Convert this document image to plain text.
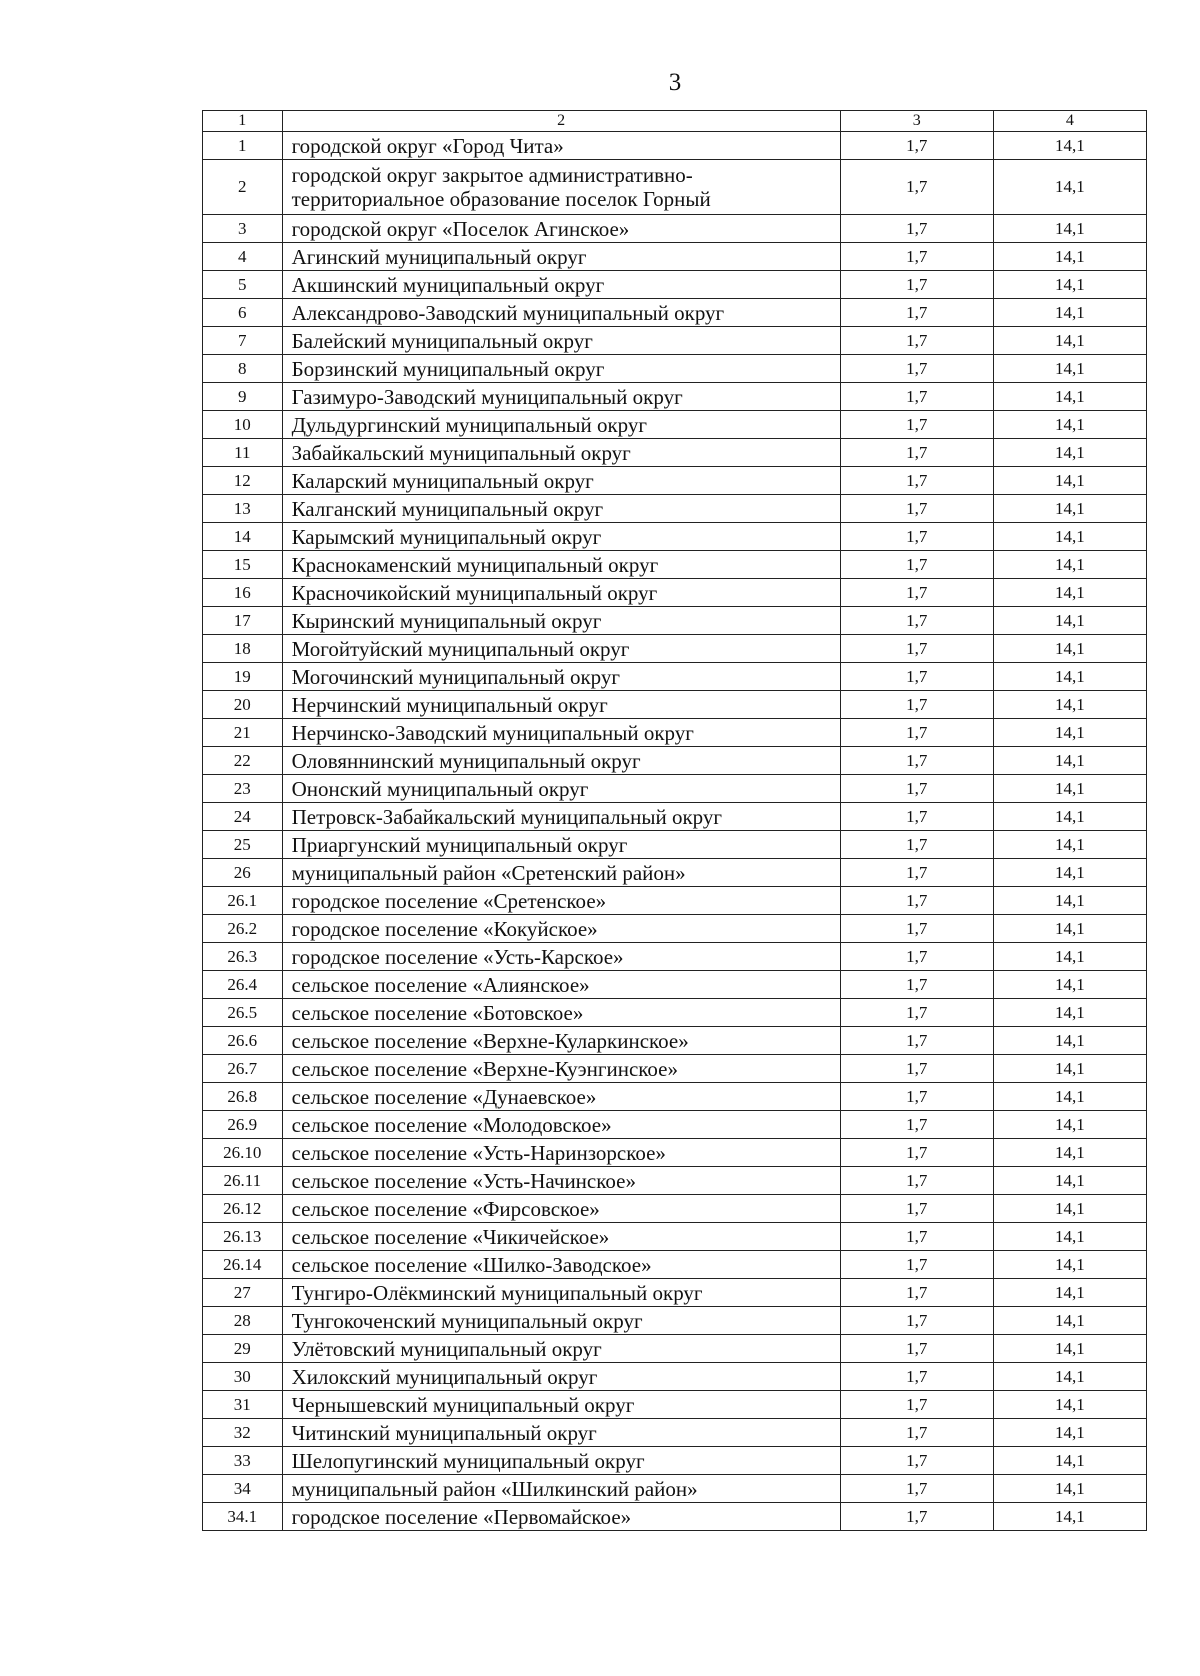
3
1	2	3	4
1	городской округ «Город Чита»	1,7	14,1
2	городской округ закрытое административно-территориальное образование поселок Горный	1,7	14,1
3	городской округ «Поселок Агинское»	1,7	14,1
4	Агинский муниципальный округ	1,7	14,1
5	Акшинский муниципальный округ	1,7	14,1
6	Александрово-Заводский муниципальный округ	1,7	14,1
7	Балейский муниципальный округ	1,7	14,1
8	Борзинский муниципальный округ	1,7	14,1
9	Газимуро-Заводский муниципальный округ	1,7	14,1
10	Дульдургинский муниципальный округ	1,7	14,1
11	Забайкальский муниципальный округ	1,7	14,1
12	Каларский муниципальный округ	1,7	14,1
13	Калганский муниципальный округ	1,7	14,1
14	Карымский муниципальный округ	1,7	14,1
15	Краснокаменский муниципальный округ	1,7	14,1
16	Красночикойский муниципальный округ	1,7	14,1
17	Кыринский муниципальный округ	1,7	14,1
18	Могойтуйский муниципальный округ	1,7	14,1
19	Могочинский муниципальный округ	1,7	14,1
20	Нерчинский муниципальный округ	1,7	14,1
21	Нерчинско-Заводский муниципальный округ	1,7	14,1
22	Оловяннинский муниципальный округ	1,7	14,1
23	Ононский муниципальный округ	1,7	14,1
24	Петровск-Забайкальский муниципальный округ	1,7	14,1
25	Приаргунский муниципальный округ	1,7	14,1
26	муниципальный район «Сретенский район»	1,7	14,1
26.1	городское поселение «Сретенское»	1,7	14,1
26.2	городское поселение «Кокуйское»	1,7	14,1
26.3	городское поселение «Усть-Карское»	1,7	14,1
26.4	сельское поселение «Алиянское»	1,7	14,1
26.5	сельское поселение «Ботовское»	1,7	14,1
26.6	сельское поселение «Верхне-Куларкинское»	1,7	14,1
26.7	сельское поселение «Верхне-Куэнгинское»	1,7	14,1
26.8	сельское поселение «Дунаевское»	1,7	14,1
26.9	сельское поселение «Молодовское»	1,7	14,1
26.10	сельское поселение «Усть-Наринзорское»	1,7	14,1
26.11	сельское поселение «Усть-Начинское»	1,7	14,1
26.12	сельское поселение «Фирсовское»	1,7	14,1
26.13	сельское поселение «Чикичейское»	1,7	14,1
26.14	сельское поселение «Шилко-Заводское»	1,7	14,1
27	Тунгиро-Олёкминский муниципальный округ	1,7	14,1
28	Тунгокоченский муниципальный округ	1,7	14,1
29	Улётовский муниципальный округ	1,7	14,1
30	Хилокский муниципальный округ	1,7	14,1
31	Чернышевский муниципальный округ	1,7	14,1
32	Читинский муниципальный округ	1,7	14,1
33	Шелопугинский муниципальный округ	1,7	14,1
34	муниципальный район «Шилкинский район»	1,7	14,1
34.1	городское поселение «Первомайское»	1,7	14,1
